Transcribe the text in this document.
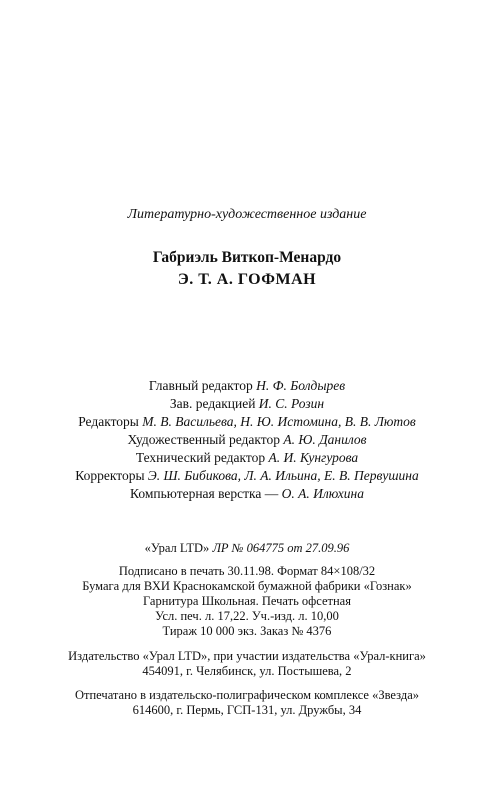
Литературно-художественное издание
Габриэль Виткоп-Менардо
Э. Т. А. ГОФМАН
Главный редактор Н. Ф. Болдырев
Зав. редакцией И. С. Розин
Редакторы М. В. Васильева, Н. Ю. Истомина, В. В. Лютов
Художественный редактор А. Ю. Данилов
Технический редактор А. И. Кунгурова
Корректоры Э. Ш. Бибикова, Л. А. Ильина, Е. В. Первушина
Компьютерная верстка — О. А. Илюхина
«Урал LTD» ЛР № 064775 от 27.09.96
Подписано в печать 30.11.98. Формат 84×108/32
Бумага для ВХИ Краснокамской бумажной фабрики «Гознак»
Гарнитура Школьная. Печать офсетная
Усл. печ. л. 17,22. Уч.-изд. л. 10,00
Тираж 10 000 экз. Заказ № 4376
Издательство «Урал LTD», при участии издательства «Урал-книга»
454091, г. Челябинск, ул. Постышева, 2
Отпечатано в издательско-полиграфическом комплексе «Звезда»
614600, г. Пермь, ГСП-131, ул. Дружбы, 34
